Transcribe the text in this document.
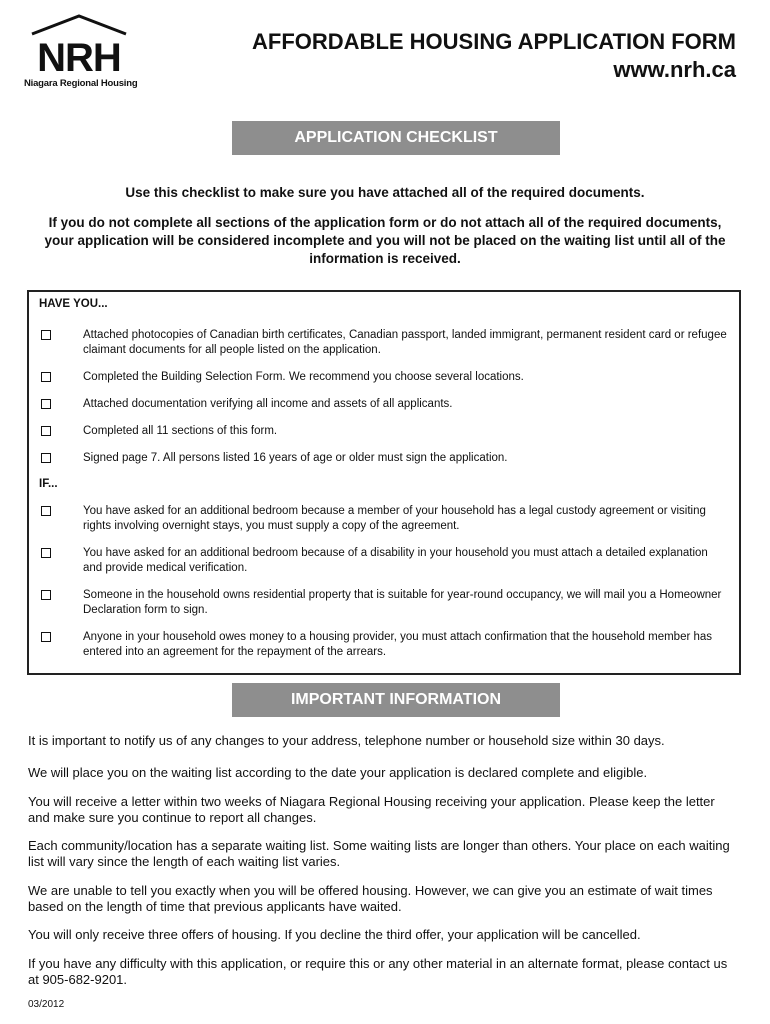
NRH
Niagara Regional Housing
AFFORDABLE HOUSING APPLICATION FORM
www.nrh.ca
APPLICATION CHECKLIST
Use this checklist to make sure you have attached all of the required documents.
If you do not complete all sections of the application form or do not attach all of the required documents, your application will be considered incomplete and you will not be placed on the waiting list until all of the information is received.
HAVE YOU...
Attached photocopies of Canadian birth certificates, Canadian passport, landed immigrant, permanent resident card or refugee claimant documents for all people listed on the application.
Completed the Building Selection Form. We recommend you choose several locations.
Attached documentation verifying all income and assets of all applicants.
Completed all 11 sections of this form.
Signed page 7. All persons listed 16 years of age or older must sign the application.
IF...
You have asked for an additional bedroom because a member of your household has a legal custody agreement or visiting rights involving overnight stays, you must supply a copy of the agreement.
You have asked for an additional bedroom because of a disability in your household you must attach a detailed explanation and provide medical verification.
Someone in the household owns residential property that is suitable for year-round occupancy, we will mail you a Homeowner Declaration form to sign.
Anyone in your household owes money to a housing provider, you must attach confirmation that the household member has entered into an agreement for the repayment of the arrears.
IMPORTANT INFORMATION
It is important to notify us of any changes to your address, telephone number or household size within 30 days.
We will place you on the waiting list according to the date your application is declared complete and eligible.
You will receive a letter within two weeks of Niagara Regional Housing receiving your application. Please keep the letter and make sure you continue to report all changes.
Each community/location has a separate waiting list. Some waiting lists are longer than others. Your place on each waiting list will vary since the length of each waiting list varies.
We are unable to tell you exactly when you will be offered housing. However, we can give you an estimate of wait times based on the length of time that previous applicants have waited.
You will only receive three offers of housing. If you decline the third offer, your application will be cancelled.
If you have any difficulty with this application, or require this or any other material in an alternate format, please contact us at 905-682-9201.
03/2012
